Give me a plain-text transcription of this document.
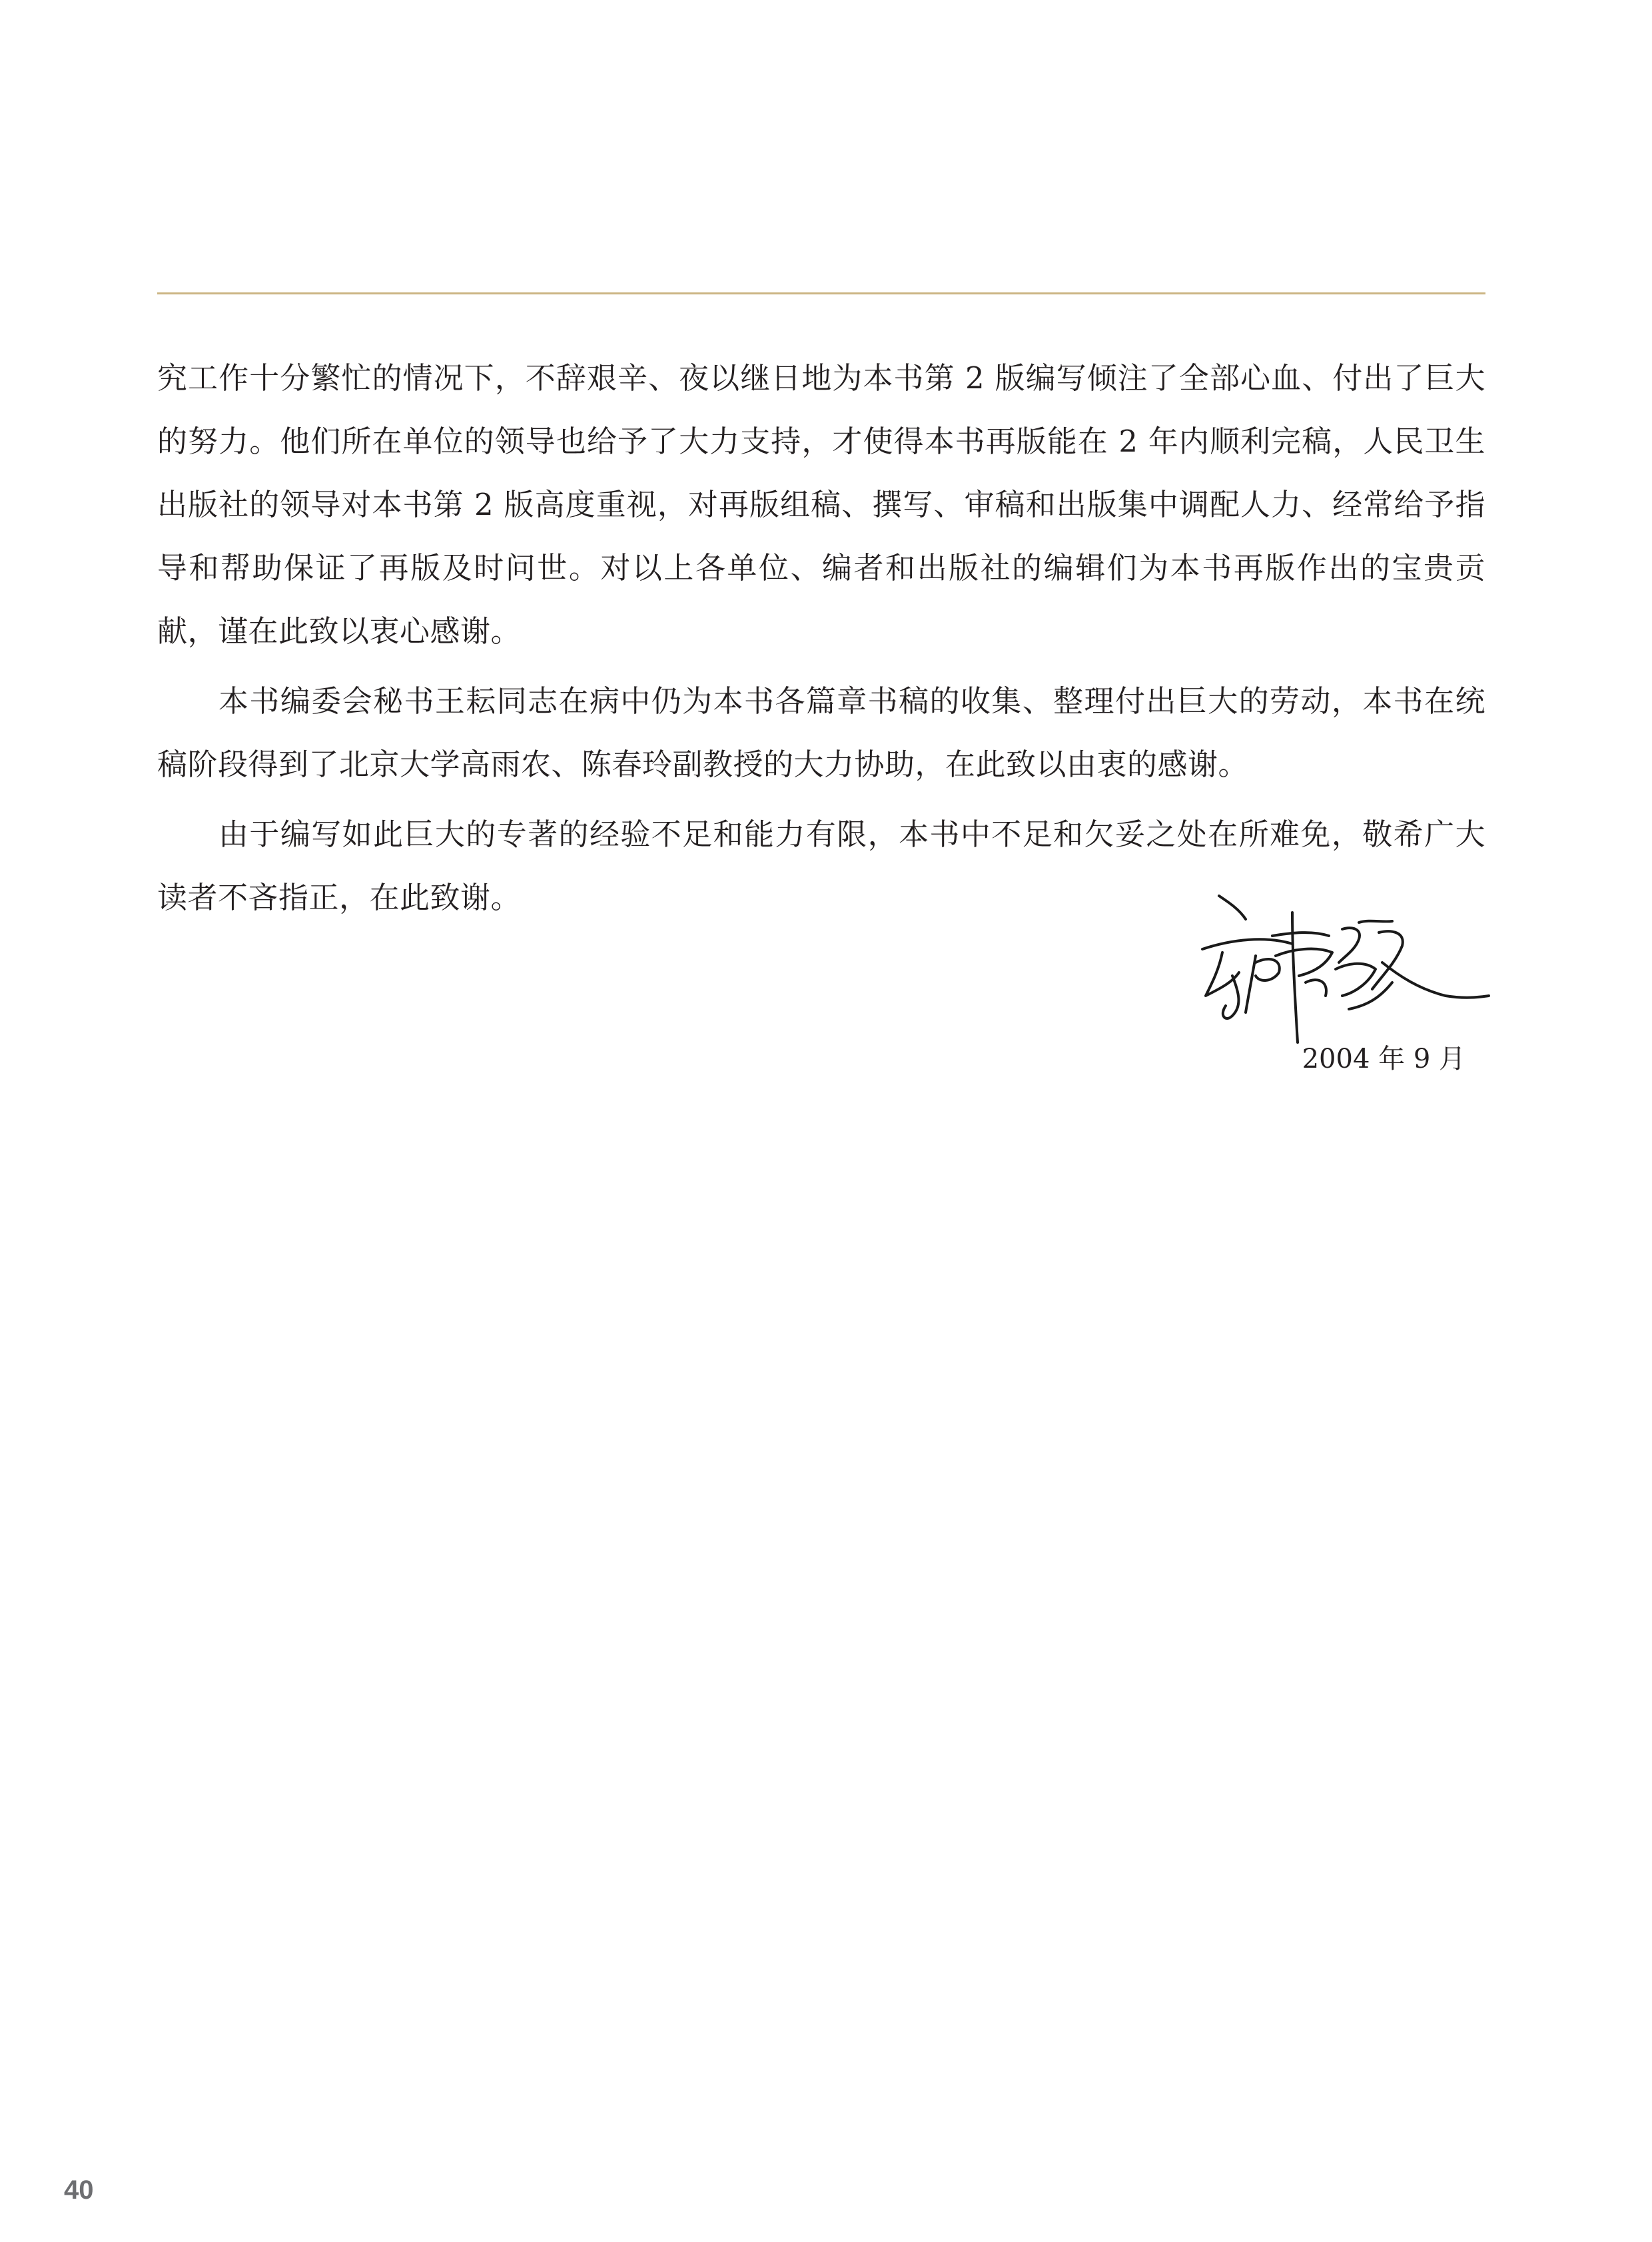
究工作十分繁忙的情况下，不辞艰辛、夜以继日地为本书第 2 版编写倾注了全部心血、付出了巨大的努力。他们所在单位的领导也给予了大力支持，才使得本书再版能在 2 年内顺利完稿，人民卫生出版社的领导对本书第 2 版高度重视，对再版组稿、撰写、审稿和出版集中调配人力、经常给予指导和帮助保证了再版及时问世。对以上各单位、编者和出版社的编辑们为本书再版作出的宝贵贡献，谨在此致以衷心感谢。

本书编委会秘书王耘同志在病中仍为本书各篇章书稿的收集、整理付出巨大的劳动，本书在统稿阶段得到了北京大学高雨农、陈春玲副教授的大力协助，在此致以由衷的感谢。

由于编写如此巨大的专著的经验不足和能力有限，本书中不足和欠妥之处在所难免，敬希广大读者不吝指正，在此致谢。

2004 年 9 月
40
